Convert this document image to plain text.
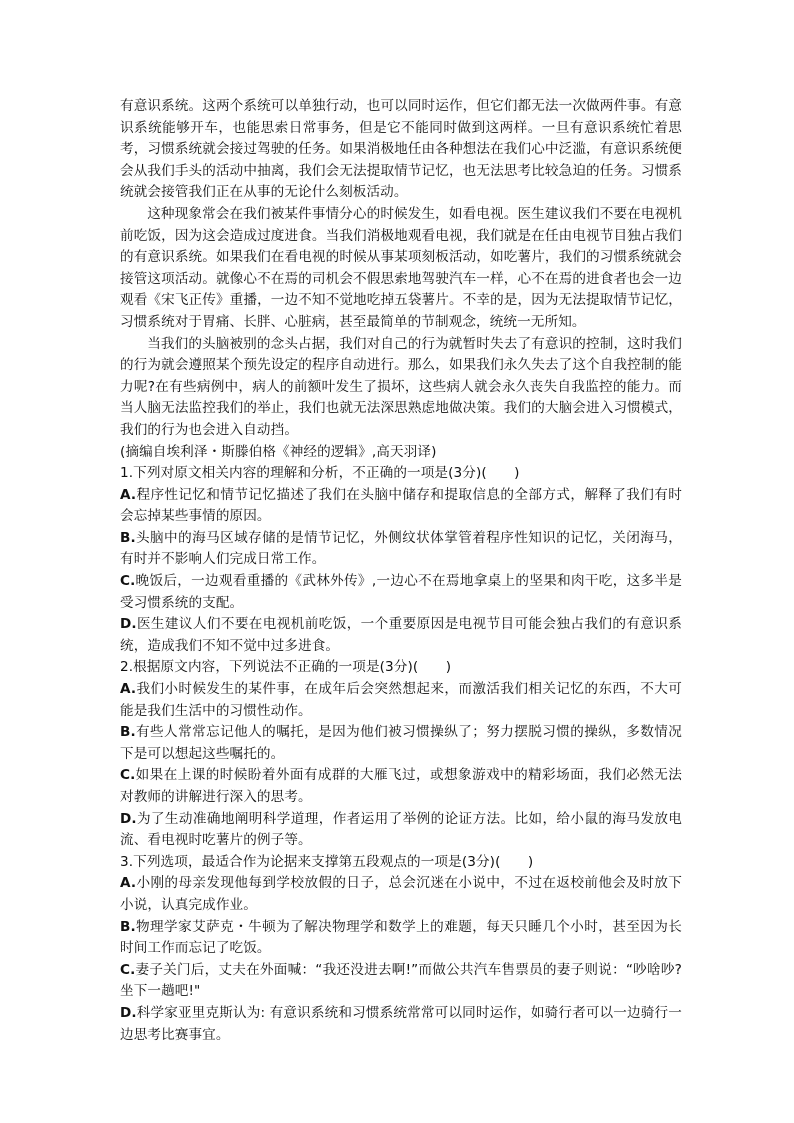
有意识系统。这两个系统可以单独行动，也可以同时运作，但它们都无法一次做两件事。有意识系统能够开车，也能思索日常事务，但是它不能同时做到这两样。一旦有意识系统忙着思考，习惯系统就会接过驾驶的任务。如果消极地任由各种想法在我们心中泛滥，有意识系统便会从我们手头的活动中抽离，我们会无法提取情节记忆，也无法思考比较急迫的任务。习惯系统就会接管我们正在从事的无论什么刻板活动。

这种现象常会在我们被某件事情分心的时候发生，如看电视。医生建议我们不要在电视机前吃饭，因为这会造成过度进食。当我们消极地观看电视，我们就是在任由电视节目独占我们的有意识系统。如果我们在看电视的时候从事某项刻板活动，如吃薯片，我们的习惯系统就会接管这项活动。就像心不在焉的司机会不假思索地驾驶汽车一样，心不在焉的进食者也会一边观看《宋飞正传》重播，一边不知不觉地吃掉五袋薯片。不幸的是，因为无法提取情节记忆，习惯系统对于胃痛、长胖、心脏病，甚至最简单的节制观念，统统一无所知。

当我们的头脑被别的念头占据，我们对自己的行为就暂时失去了有意识的控制，这时我们的行为就会遵照某个预先设定的程序自动进行。那么，如果我们永久失去了这个自我控制的能力呢?在有些病例中，病人的前额叶发生了损坏，这些病人就会永久丧失自我监控的能力。而当人脑无法监控我们的举止，我们也就无法深思熟虑地做决策。我们的大脑会进入习惯模式，我们的行为也会进入自动挡。

(摘编自埃利泽・斯滕伯格《神经的逻辑》,高天羽译)

1.下列对原文相关内容的理解和分析，不正确的一项是(3分)(　　)

A.程序性记忆和情节记忆描述了我们在头脑中储存和提取信息的全部方式，解释了我们有时会忘掉某些事情的原因。

B.头脑中的海马区域存储的是情节记忆，外侧纹状体掌管着程序性知识的记忆，关闭海马，有时并不影响人们完成日常工作。

C.晚饭后，一边观看重播的《武林外传》,一边心不在焉地拿桌上的坚果和肉干吃，这多半是受习惯系统的支配。

D.医生建议人们不要在电视机前吃饭，一个重要原因是电视节目可能会独占我们的有意识系统，造成我们不知不觉中过多进食。

2.根据原文内容，下列说法不正确的一项是(3分)(　　)

A.我们小时候发生的某件事，在成年后会突然想起来，而激活我们相关记忆的东西，不大可能是我们生活中的习惯性动作。

B.有些人常常忘记他人的嘱托，是因为他们被习惯操纵了；努力摆脱习惯的操纵，多数情况下是可以想起这些嘱托的。

C.如果在上课的时候盼着外面有成群的大雁飞过，或想象游戏中的精彩场面，我们必然无法对教师的讲解进行深入的思考。

D.为了生动准确地阐明科学道理，作者运用了举例的论证方法。比如，给小鼠的海马发放电流、看电视时吃薯片的例子等。

3.下列选项，最适合作为论据来支撑第五段观点的一项是(3分)(　　)

A.小刚的母亲发现他每到学校放假的日子，总会沉迷在小说中，不过在返校前他会及时放下小说，认真完成作业。

B.物理学家艾萨克・牛顿为了解决物理学和数学上的难题，每天只睡几个小时，甚至因为长时间工作而忘记了吃饭。

C.妻子关门后，丈夫在外面喊：“我还没进去啊!”而做公共汽车售票员的妻子则说：“吵啥吵?坐下一趟吧!"

D.科学家亚里克斯认为: 有意识系统和习惯系统常常可以同时运作，如骑行者可以一边骑行一边思考比赛事宜。
